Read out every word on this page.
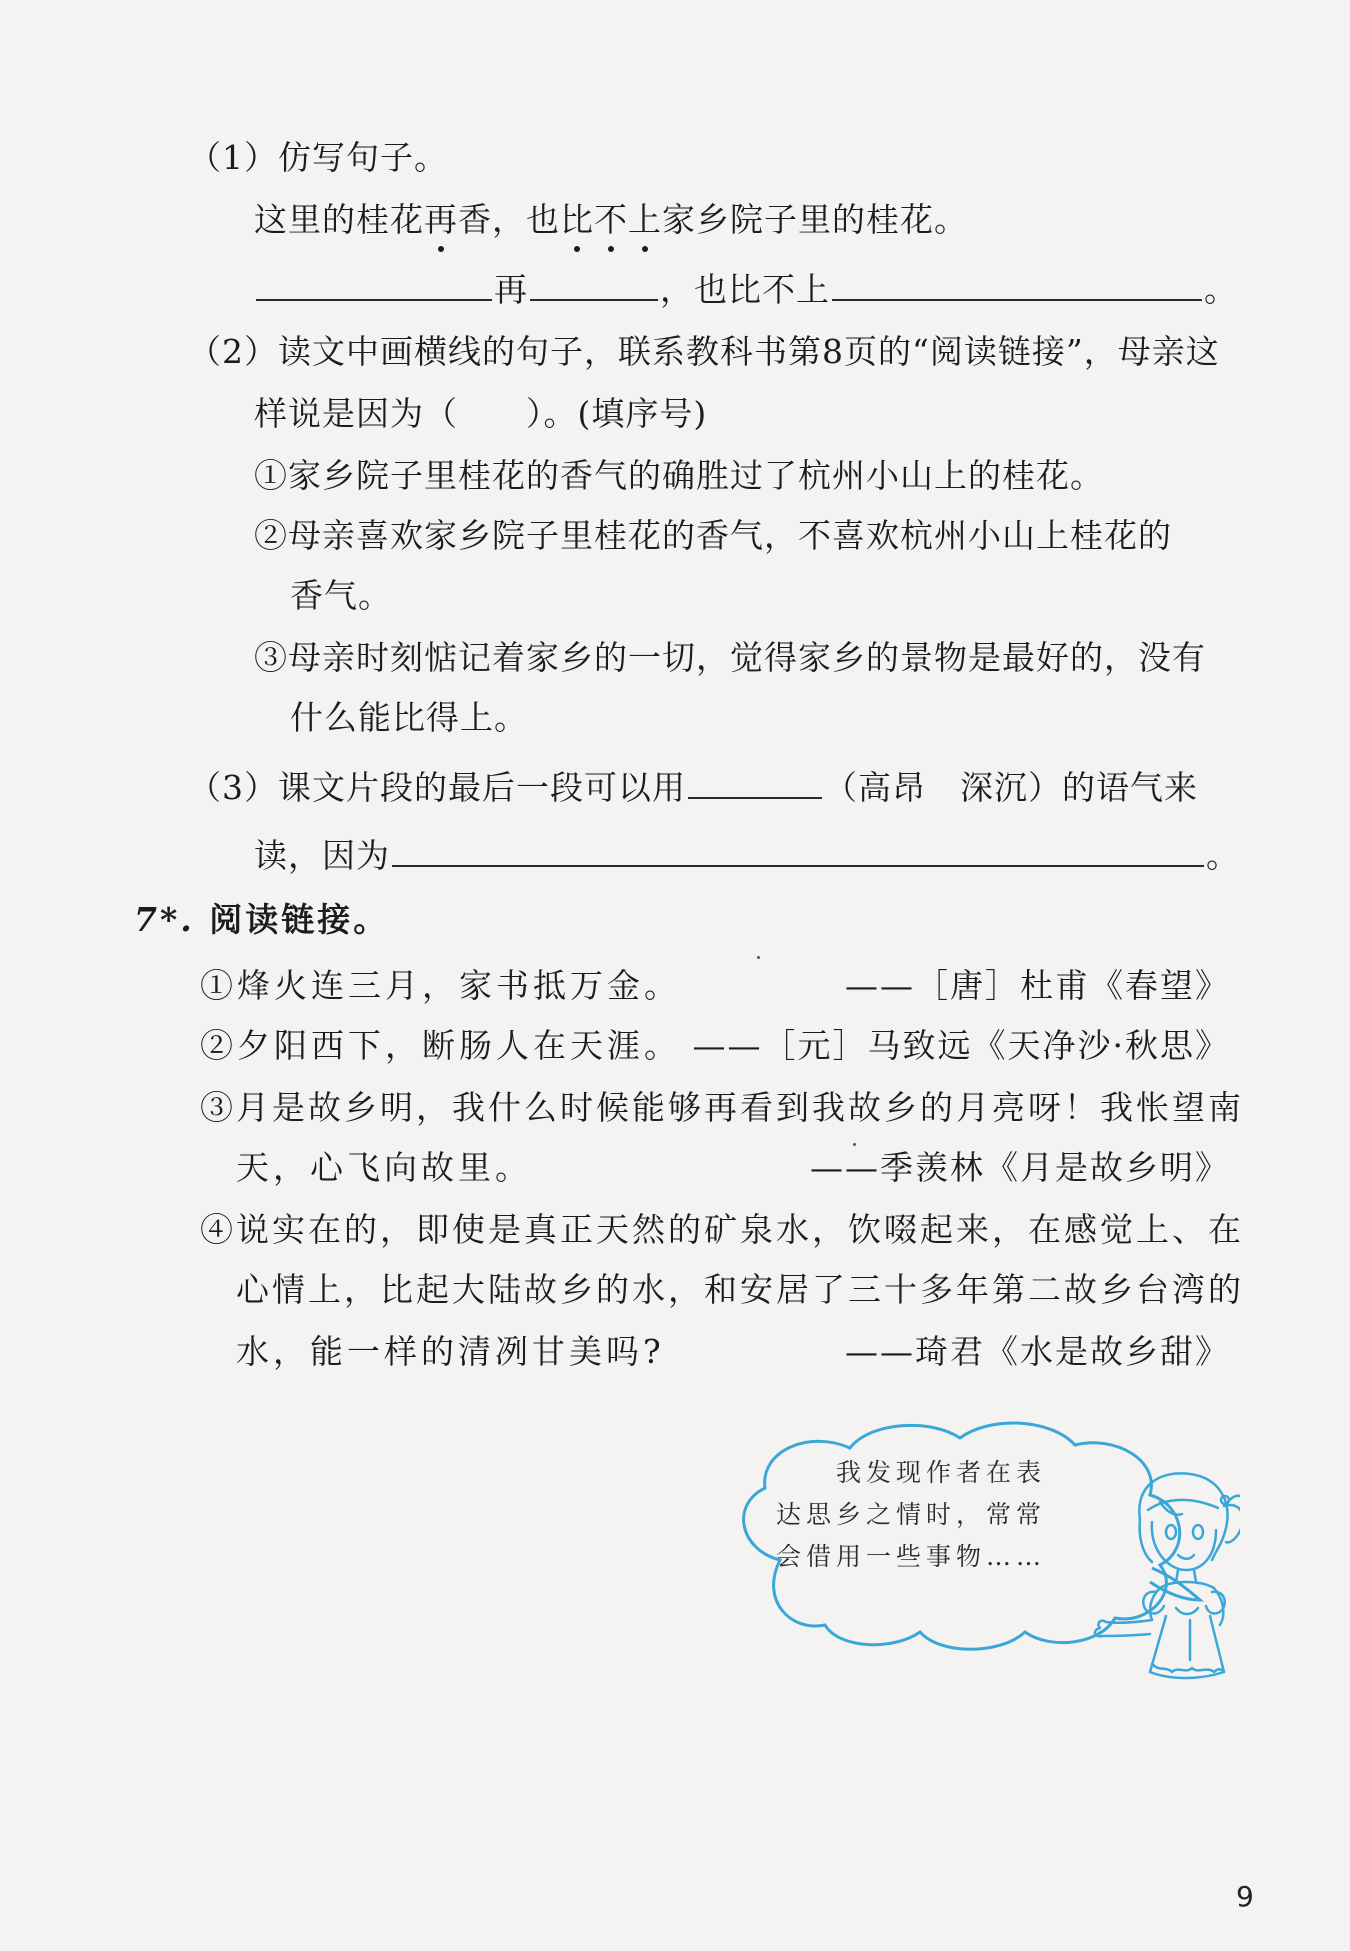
（1）仿写句子。
这里的桂花再香，也比不上家乡院子里的桂花。
再	，也比不上	。
（2）读文中画横线的句子，联系教科书第8页的“阅读链接”，母亲这
样说是因为（　　）。(填序号)
①家乡院子里桂花的香气的确胜过了杭州小山上的桂花。
②母亲喜欢家乡院子里桂花的香气，不喜欢杭州小山上桂花的
香气。
③母亲时刻惦记着家乡的一切，觉得家乡的景物是最好的，没有
什么能比得上。
（3）课文片段的最后一段可以用	（高昂　深沉）的语气来
读，因为	。
7*. 阅读链接。
①烽火连三月，家书抵万金。	——［唐］杜甫《春望》
②夕阳西下，断肠人在天涯。 ——［元］马致远《天净沙·秋思》
③月是故乡明，我什么时候能够再看到我故乡的月亮呀！我怅望南
天，心飞向故里。	——季羡林《月是故乡明》
④说实在的，即使是真正天然的矿泉水，饮啜起来，在感觉上、在
心情上，比起大陆故乡的水，和安居了三十多年第二故乡台湾的
水，能一样的清冽甘美吗?	——琦君《水是故乡甜》
我发现作者在表
达思乡之情时，常常
会借用一些事物……
9
